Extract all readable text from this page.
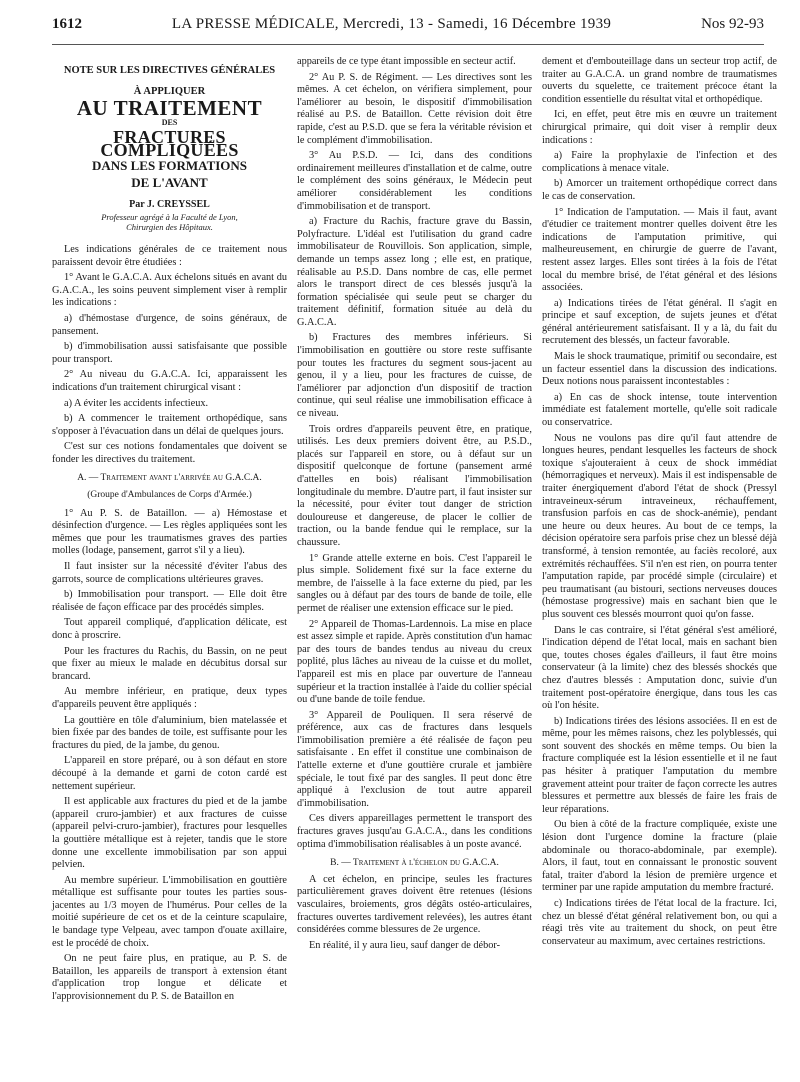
1612	LA PRESSE MÉDICALE, Mercredi, 13 - Samedi, 16 Décembre 1939	Nos 92-93
NOTE SUR LES DIRECTIVES GÉNÉRALES
À APPLIQUER
AU TRAITEMENT
DES
FRACTURES COMPLIQUÉES
DANS LES FORMATIONS
DE L'AVANT
Par J. CREYSSEL
Professeur agrégé à la Faculté de Lyon,
Chirurgien des Hôpitaux.

Les indications générales de ce traitement nous paraissent devoir être étudiées :

1° Avant le G.A.C.A. Aux échelons situés en avant du G.A.C.A., les soins peuvent simplement viser à remplir les indications :

a) d'hémostase d'urgence, de soins généraux, de pansement.

b) d'immobilisation aussi satisfaisante que possible pour transport.

2° Au niveau du G.A.C.A. Ici, apparaissent les indications d'un traitement chirurgical visant :

a) A éviter les accidents infectieux.

b) A commencer le traitement orthopédique, sans s'opposer à l'évacuation dans un délai de quelques jours.

C'est sur ces notions fondamentales que doivent se fonder les directives du traitement.

A. — Traitement avant l'arrivée au G.A.C.A.
(Groupe d'Ambulances de Corps d'Armée.)

1° Au P. S. de Bataillon. — a) Hémostase et désinfection d'urgence. — Les règles appliquées sont les mêmes que pour les traumatismes graves des parties molles (lodage, pansement, garrot s'il y a lieu).

Il faut insister sur la nécessité d'éviter l'abus des garrots, source de complications ultérieures graves.

b) Immobilisation pour transport. — Elle doit être réalisée de façon efficace par des procédés simples.

Tout appareil compliqué, d'application délicate, est donc à proscrire.

Pour les fractures du Rachis, du Bassin, on ne peut que fixer au mieux le malade en décubitus dorsal sur brancard.

Au membre inférieur, en pratique, deux types d'appareils peuvent être appliqués :

La gouttière en tôle d'aluminium, bien matelassée et bien fixée par des bandes de toile, est suffisante pour les fractures du pied, de la jambe, du genou.

L'appareil en store préparé, ou à son défaut en store découpé à la demande et garni de coton cardé est nettement supérieur.

Il est applicable aux fractures du pied et de la jambe (appareil cruro-jambier) et aux fractures de cuisse (appareil pelvi-cruro-jambier), fractures pour lesquelles la gouttière métallique est à rejeter, tandis que le store donne une excellente immobilisation par son appui pelvien.

Au membre supérieur. L'immobilisation en gouttière métallique est suffisante pour toutes les parties sous-jacentes au 1/3 moyen de l'humérus. Pour celles de la moitié supérieure de cet os et de la ceinture scapulaire, le bandage type Velpeau, avec tampon d'ouate axillaire, est le procédé de choix.

On ne peut faire plus, en pratique, au P. S. de Bataillon, les appareils de transport à extension étant d'application trop longue et délicate et l'approvisionnement du P. S. de Bataillon en

appareils de ce type étant impossible en secteur actif.

2° Au P. S. de Régiment. — Les directives sont les mêmes. A cet échelon, on vérifiera simplement, pour l'améliorer au besoin, le dispositif d'immobilisation réalisé au P.S. de Bataillon. Cette révision doit être rapide, c'est au P.S.D. que se fera la véritable révision et le complément d'immobilisation.

3° Au P.S.D. — Ici, dans des conditions ordinairement meilleures d'installation et de calme, outre le complément des soins généraux, le Médecin peut améliorer considérablement les conditions d'immobilisation et de transport.

a) Fracture du Rachis, fracture grave du Bassin, Polyfracture. L'idéal est l'utilisation du grand cadre immobilisateur de Rouvillois. Son application, simple, demande un temps assez long ; elle est, en pratique, réalisable au P.S.D. Dans nombre de cas, elle permet alors le transport direct de ces blessés jusqu'à la formation spécialisée qui seule peut se charger du traitement définitif, formation située au delà du G.A.C.A.

b) Fractures des membres inférieurs. Si l'immobilisation en gouttière ou store reste suffisante pour toutes les fractures du segment sous-jacent au genou, il y a lieu, pour les fractures de cuisse, de l'améliorer par adjonction d'un dispositif de traction continue, qui seul réalise une immobilisation efficace à ce niveau.

Trois ordres d'appareils peuvent être, en pratique, utilisés. Les deux premiers doivent être, au P.S.D., placés sur l'appareil en store, ou à défaut sur un dispositif quelconque de fortune (pansement armé d'attelles en bois) réalisant l'immobilisation longitudinale du membre. D'autre part, il faut insister sur la nécessité, pour éviter tout danger de striction douloureuse et dangereuse, de placer le collier de traction, ou la bande fendue qui le remplace, sur la chaussure.

1° Grande attelle externe en bois. C'est l'appareil le plus simple. Solidement fixé sur la face externe du membre, de l'aisselle à la face externe du pied, par les sangles ou à défaut par des tours de bande de toile, elle permet de réaliser une extension efficace sur le pied.

2° Appareil de Thomas-Lardennois. La mise en place est assez simple et rapide. Après constitution d'un hamac par des tours de bandes tendus au niveau du creux poplité, plus lâches au niveau de la cuisse et du mollet, l'appareil est mis en place par ouverture de l'anneau supérieur et la traction installée à l'aide du collier spécial ou d'une bande de toile fendue.

3° Appareil de Pouliquen. Il sera réservé de préférence, aux cas de fractures dans lesquels l'immobilisation première a été réalisée de façon peu satisfaisante . En effet il constitue une combinaison de l'attelle externe et d'une gouttière crurale et jambière spéciale, le tout fixé par des sangles. Il peut donc être appliqué à l'exclusion de tout autre appareil d'immobilisation.

Ces divers appareillages permettent le transport des fractures graves jusqu'au G.A.C.A., dans les conditions optima d'immobilisation réalisables à un poste avancé.

B. — Traitement à l'échelon du G.A.C.A.

A cet échelon, en principe, seules les fractures particulièrement graves doivent être retenues (lésions vasculaires, broiements, gros dégâts ostéo-articulaires, fractures ouvertes tardivement relevées), les autres étant considérées comme blessures de 2e urgence.

En réalité, il y aura lieu, sauf danger de débor-

dement et d'embouteillage dans un secteur trop actif, de traiter au G.A.C.A. un grand nombre de traumatismes ouverts du squelette, ce traitement précoce étant la condition essentielle du résultat vital et orthopédique.

Ici, en effet, peut être mis en œuvre un traitement chirurgical primaire, qui doit viser à remplir deux indications :

a) Faire la prophylaxie de l'infection et des complications à menace vitale.

b) Amorcer un traitement orthopédique correct dans le cas de conservation.

1° Indication de l'amputation. — Mais il faut, avant d'étudier ce traitement montrer quelles doivent être les indications de l'amputation primitive, qui malheureusement, en chirurgie de guerre de l'avant, restent assez larges. Elles sont tirées à la fois de l'état local du membre brisé, de l'état général et des lésions associées.

a) Indications tirées de l'état général. Il s'agit en principe et sauf exception, de sujets jeunes et d'état général antérieurement satisfaisant. Il y a là, du fait du recrutement des blessés, un facteur favorable.

Mais le shock traumatique, primitif ou secondaire, est un facteur essentiel dans la discussion des indications. Deux notions nous paraissent incontestables :

a) En cas de shock intense, toute intervention immédiate est fatalement mortelle, qu'elle soit radicale ou conservatrice.

Nous ne voulons pas dire qu'il faut attendre de longues heures, pendant lesquelles les facteurs de shock toxique s'ajouteraient à ceux de shock immédiat (hémorragiques et nerveux). Mais il est indispensable de traiter énergiquement d'abord l'état de shock (Pressyl intraveineux-sérum intraveineux, réchauffement, transfusion parfois en cas de shock-anémie), pendant une heure ou deux heures. Au bout de ce temps, la décision opératoire sera parfois prise chez un blessé déjà transformé, à tension remontée, au faciès recoloré, aux extrémités réchauffées. S'il n'en est rien, on pourra tenter l'amputation rapide, par procédé simple (circulaire) et peu traumatisant (au bistouri, sections nerveuses douces (hémostase progressive) mais en sachant bien que le plus souvent ces blessés mourront quoi qu'on fasse.

Dans le cas contraire, si l'état général s'est amélioré, l'indication dépend de l'état local, mais en sachant bien que, toutes choses égales d'ailleurs, il faut être moins conservateur (à la limite) chez des blessés shockés que chez d'autres blessés : Amputation donc, suivie d'un traitement post-opératoire énergique, dans tous les cas où l'on hésite.

b) Indications tirées des lésions associées. Il en est de même, pour les mêmes raisons, chez les polyblessés, qui sont souvent des shockés en même temps. Ou bien la fracture compliquée est la lésion essentielle et il ne faut pas hésiter à pratiquer l'amputation du membre gravement atteint pour traiter de façon correcte les autres blessures et permettre aux blessés de faire les frais de leur réparations.

Ou bien à côté de la fracture compliquée, existe une lésion dont l'urgence domine la fracture (plaie abdominale ou thoraco-abdominale, par exemple). Alors, il faut, tout en connaissant le pronostic souvent fatal, traiter d'abord la lésion de première urgence et terminer par une rapide amputation du membre fracturé.

c) Indications tirées de l'état local de la fracture. Ici, chez un blessé d'état général relativement bon, ou qui a réagi très vite au traitement du shock, on peut être conservateur au maximum, avec certaines restrictions.
